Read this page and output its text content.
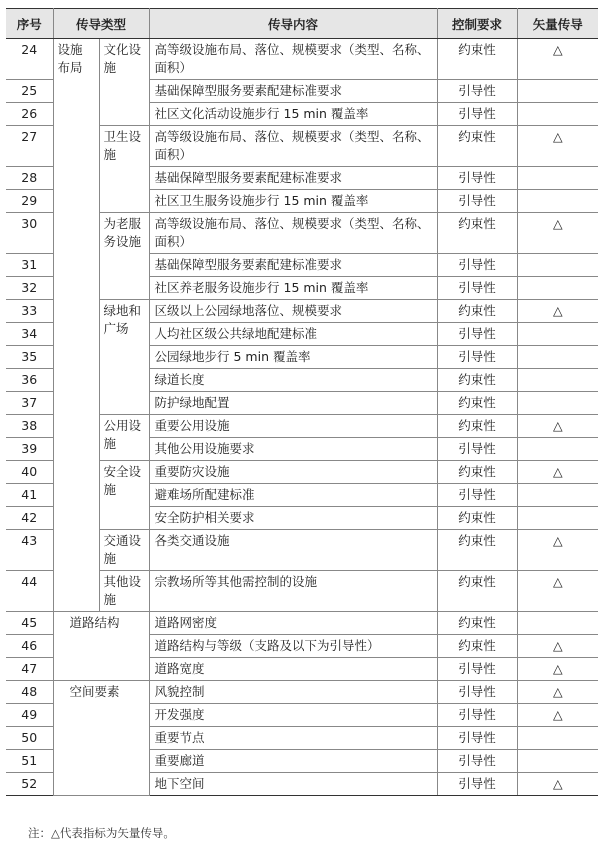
序号	传导类型		传导内容	控制要求	矢量传导
24	设施布局	文化设施	高等级设施布局、落位、规模要求（类型、名称、面积）	约束性	△
25			基础保障型服务要素配建标准要求	引导性	
26			社区文化活动设施步行 15 min 覆盖率	引导性	
27		卫生设施	高等级设施布局、落位、规模要求（类型、名称、面积）	约束性	△
28			基础保障型服务要素配建标准要求	引导性	
29			社区卫生服务设施步行 15 min 覆盖率	引导性	
30		为老服务设施	高等级设施布局、落位、规模要求（类型、名称、面积）	约束性	△
31			基础保障型服务要素配建标准要求	引导性	
32			社区养老服务设施步行 15 min 覆盖率	引导性	
33		绿地和广场	区级以上公园绿地落位、规模要求	约束性	△
34			人均社区级公共绿地配建标准	引导性	
35			公园绿地步行 5 min 覆盖率	引导性	
36			绿道长度	约束性	
37			防护绿地配置	约束性	
38		公用设施	重要公用设施	约束性	△
39			其他公用设施要求	引导性	
40		安全设施	重要防灾设施	约束性	△
41			避难场所配建标准	引导性	
42			安全防护相关要求	约束性	
43		交通设施	各类交通设施	约束性	△
44		其他设施	宗教场所等其他需控制的设施	约束性	△
45	道路结构		道路网密度	约束性	
46			道路结构与等级（支路及以下为引导性）	约束性	△
47			道路宽度	引导性	△
48	空间要素		风貌控制	引导性	△
49			开发强度	引导性	△
50			重要节点	引导性	
51			重要廊道	引导性	
52			地下空间	引导性	△
注：△代表指标为矢量传导。
